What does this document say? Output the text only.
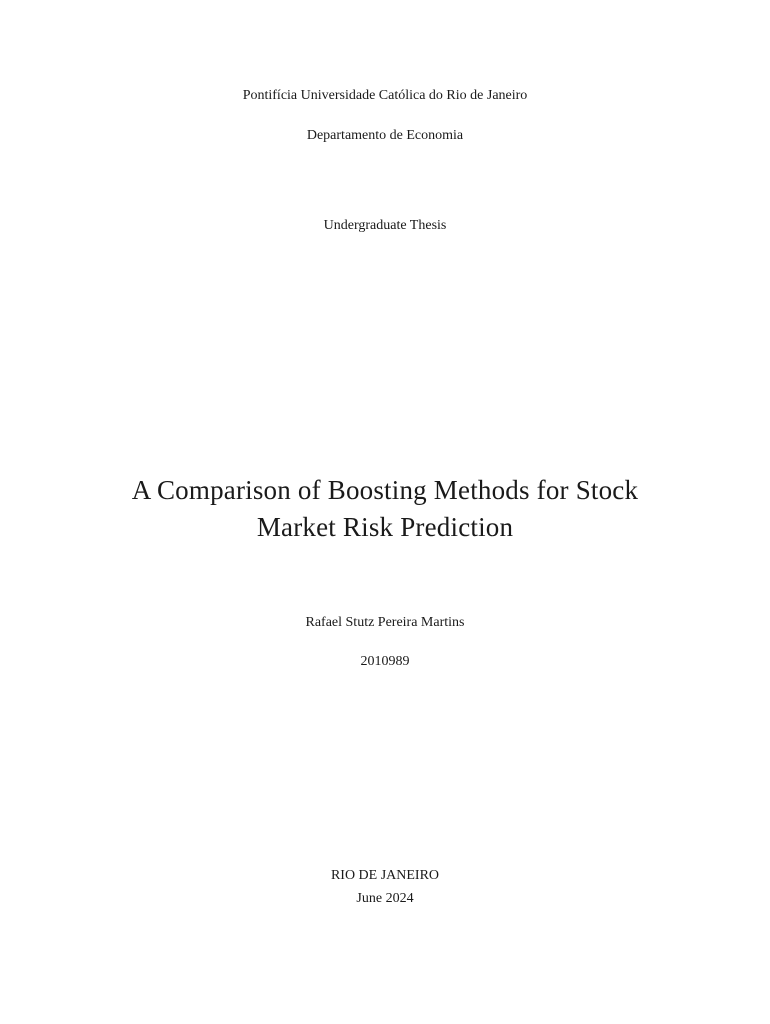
Pontifícia Universidade Católica do Rio de Janeiro
Departamento de Economia
Undergraduate Thesis
A Comparison of Boosting Methods for Stock
Market Risk Prediction
Rafael Stutz Pereira Martins
2010989
RIO DE JANEIRO
June 2024
